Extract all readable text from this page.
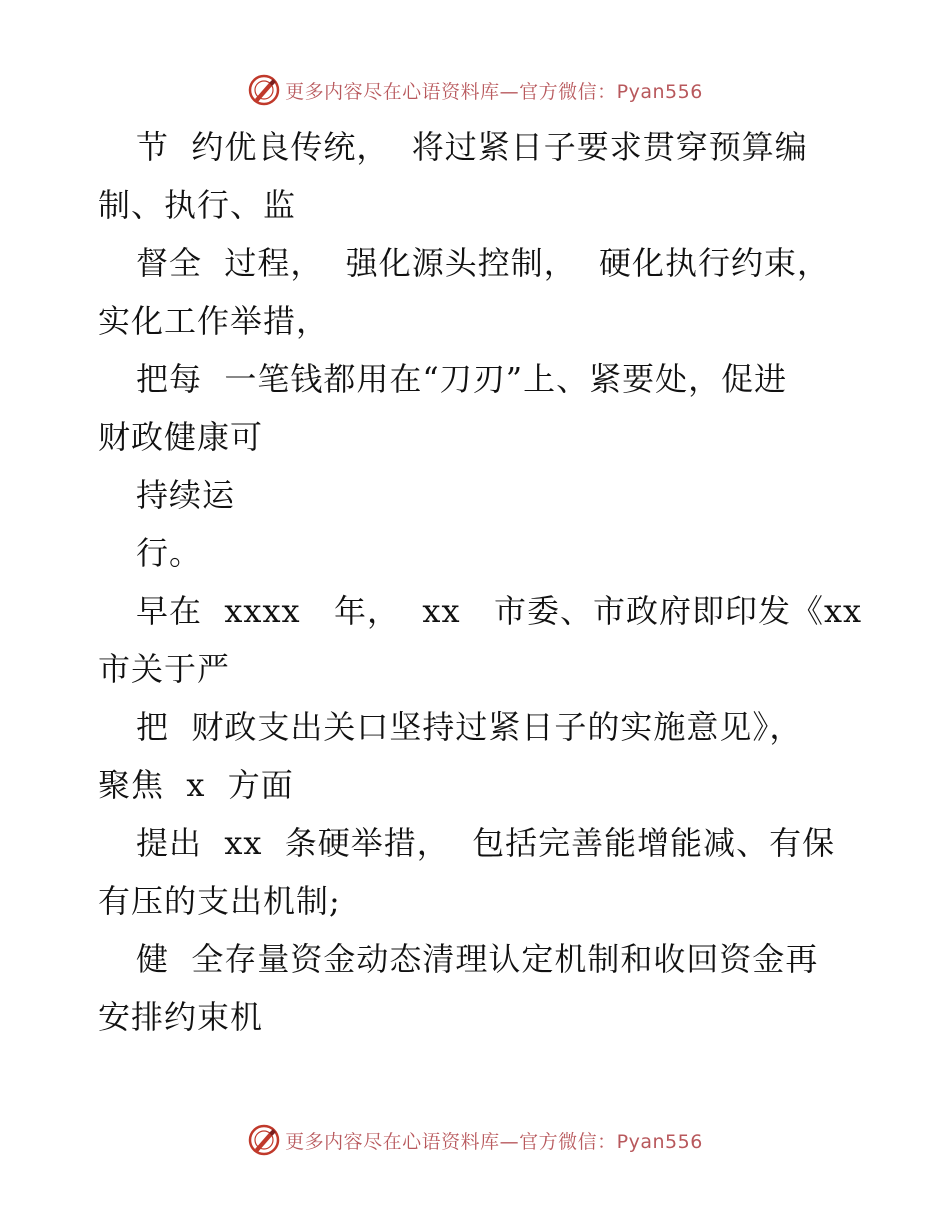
更多内容尽在心语资料库—官方微信：Pyan556
节  约优良传统，  将过紧日子要求贯穿预算编
制、执行、监
督全  过程，  强化源头控制，  硬化执行约束，
实化工作举措，
把每  一笔钱都用在“刀刃”上、紧要处，促进
财政健康可
持续运
行。
早在  xxxx   年，  xx   市委、市政府即印发《xx
市关于严
把  财政支出关口坚持过紧日子的实施意见》，
聚焦  x  方面
提出  xx  条硬举措，  包括完善能增能减、有保
有压的支出机制;
健  全存量资金动态清理认定机制和收回资金再
安排约束机
更多内容尽在心语资料库—官方微信：Pyan556
